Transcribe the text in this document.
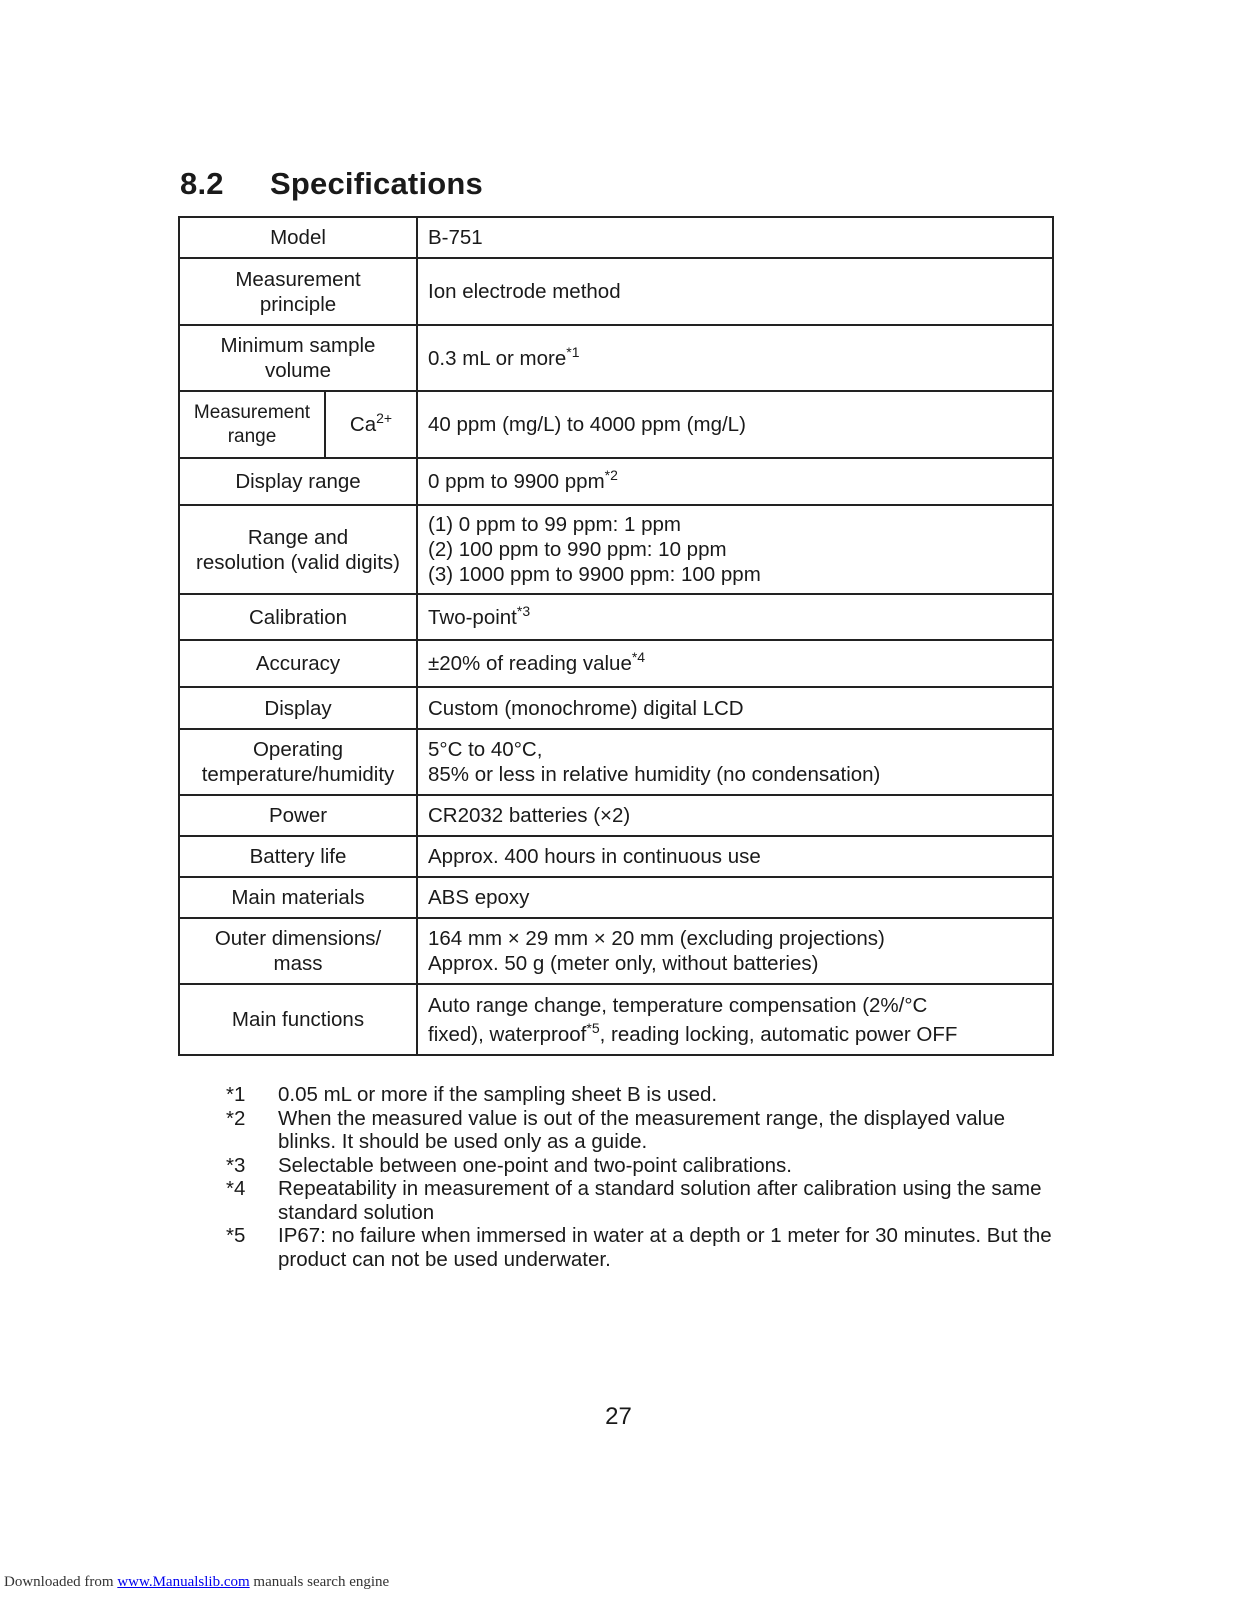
8.2 Specifications
Model		B-751

Measurement
principle		Ion electrode method

Minimum sample
volume		0.3 mL or more$^{*1}$

Measurement
range	$Ca^{2+}$	40 ppm (mg/L) to 4000 ppm (mg/L)
Display range		0 ppm to 9900 ppm$^{*2}$

Range and
resolution (valid digits)		(1) 0 ppm to 99 ppm: 1 ppm
(2) 100 ppm to 990 ppm: 10 ppm
(3) 1000 ppm to 9900 ppm: 100 ppm

Calibration		Two-point$^{*3}$
Accuracy		±20% of reading value$^{*4}$
Display		Custom (monochrome) digital LCD

Operating
temperature/humidity		5°C to 40°C,
85% or less in relative humidity (no condensation)

Power		CR2032 batteries (×2)
Battery life		Approx. 400 hours in continuous use
Main materials		ABS epoxy

Outer dimensions/
mass		164 mm × 29 mm × 20 mm (excluding projections)
Approx. 50 g (meter only, without batteries)

Main functions		Auto range change, temperature compensation (2%/°C
fixed), waterproof$^{*5}$, reading locking, automatic power OFF
*1	0.05 mL or more if the sampling sheet B is used.
*2	When the measured value is out of the measurement range, the displayed value blinks. It should be used only as a guide.
*3	Selectable between one-point and two-point calibrations.
*4	Repeatability in measurement of a standard solution after calibration using the same standard solution
*5	IP67: no failure when immersed in water at a depth or 1 meter for 30 minutes. But the product can not be used underwater.
27
Downloaded from www.Manualslib.com manuals search engine
